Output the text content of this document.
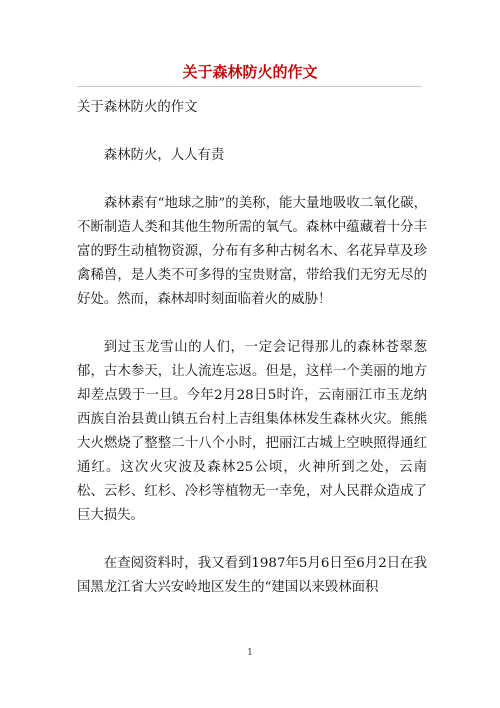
关于森林防火的作文

关于森林防火的作文

森林防火，人人有责

森林素有“地球之肺”的美称，能大量地吸收二氧化碳，不断制造人类和其他生物所需的氧气。森林中蕴藏着十分丰富的野生动植物资源，分布有多种古树名木、名花异草及珍禽稀兽，是人类不可多得的宝贵财富，带给我们无穷无尽的好处。然而，森林却时刻面临着火的威胁！

到过玉龙雪山的人们，一定会记得那儿的森林苍翠葱郁，古木参天，让人流连忘返。但是，这样一个美丽的地方却差点毁于一旦。今年2月28日5时许，云南丽江市玉龙纳西族自治县黄山镇五台村上吉组集体林发生森林火灾。熊熊大火燃烧了整整二十八个小时，把丽江古城上空映照得通红通红。这次火灾波及森林25公顷，火神所到之处，云南松、云杉、红杉、冷杉等植物无一幸免，对人民群众造成了巨大损失。

在查阅资料时，我又看到1987年5月6日至6月2日在我国黑龙江省大兴安岭地区发生的“建国以来毁林面积

1
